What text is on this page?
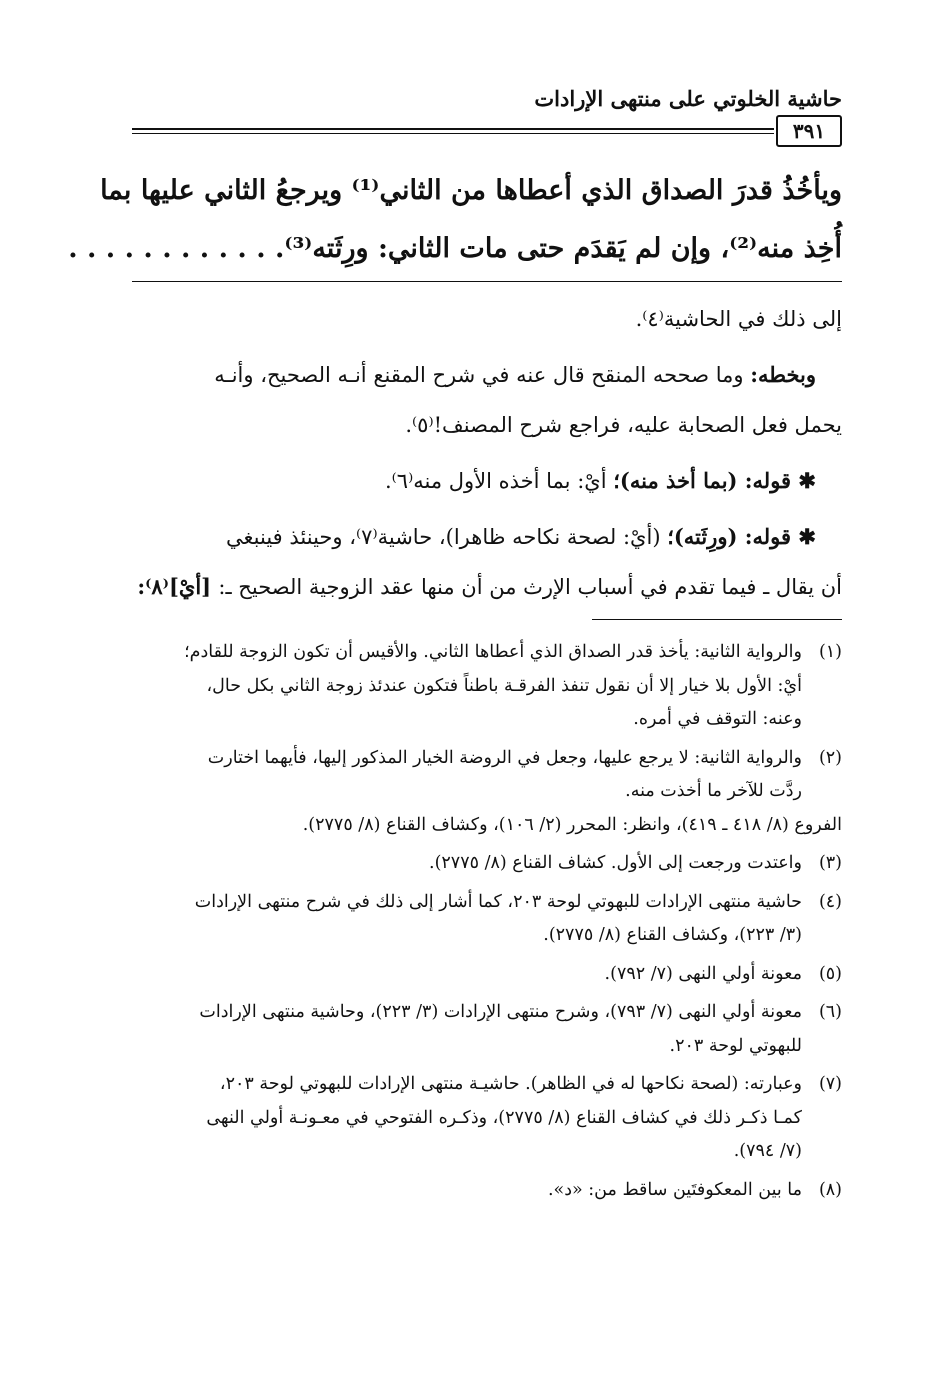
حاشية الخلوتي على منتهى الإرادات
٣٩١

ويأخُذُ قدرَ الصداق الذي أعطاها من الثاني⁽¹⁾ ويرجعُ الثاني عليها بما

أُخِذ منه⁽²⁾، وإن لم يَقدَم حتى مات الثاني: ورِثَته⁽³⁾. . . . . . . . . . . .

إلى ذلك في الحاشية⁽٤⁾.

وبخطه: وما صححه المنقح قال عنه في شرح المقنع أنـه الصحيح، وأنـه

يحمل فعل الصحابة عليه، فراجع شرح المصنف!⁽٥⁾.

✱ قوله: (بما أخذ منه)؛ أيْ: بما أخذه الأول منه⁽٦⁾.

✱ قوله: (ورِثَته)؛ (أيْ: لصحة نكاحه ظاهرا)، حاشية⁽٧⁾، وحينئذ فينبغي

أن يقال ـ فيما تقدم في أسباب الإرث من أن منها عقد الزوجية الصحيح ـ: [أيْ]⁽٨⁾:

(١)

والرواية الثانية: يأخذ قدر الصداق الذي أعطاها الثاني. والأقيس أن تكون الزوجة للقادم؛

أيْ: الأول بلا خيار إلا أن نقول تنفذ الفرقـة باطناً فتكون عندئذ زوجة الثاني بكل حال،

وعنه: التوقف في أمره.

(٢)

والرواية الثانية: لا يرجع عليها، وجعل في الروضة الخيار المذكور إليها، فأيهما اختارت

ردَّت للآخر ما أخذت منه.

الفروع (٨/ ٤١٨ ـ ٤١٩)، وانظر: المحرر (٢/ ١٠٦)، وكشاف القناع (٨/ ٢٧٧٥).

(٣)

واعتدت ورجعت إلى الأول. كشاف القناع (٨/ ٢٧٧٥).

(٤)

حاشية منتهى الإرادات للبهوتي لوحة ٢٠٣، كما أشار إلى ذلك في شرح منتهى الإرادات

(٣/ ٢٢٣)، وكشاف القناع (٨/ ٢٧٧٥).

(٥)

معونة أولي النهى (٧/ ٧٩٢).

(٦)

معونة أولي النهى (٧/ ٧٩٣)، وشرح منتهى الإرادات (٣/ ٢٢٣)، وحاشية منتهى الإرادات

للبهوتي لوحة ٢٠٣.

(٧)

وعبارته: (لصحة نكاحها له في الظاهر). حاشيـة منتهى الإرادات للبهوتي لوحة ٢٠٣،

كمـا ذكـر ذلك في كشاف القناع (٨/ ٢٧٧٥)، وذكـره الفتوحي في معـونـة أولي النهى

(٧/ ٧٩٤).

(٨)

ما بين المعكوفتَين ساقط من: «د».
